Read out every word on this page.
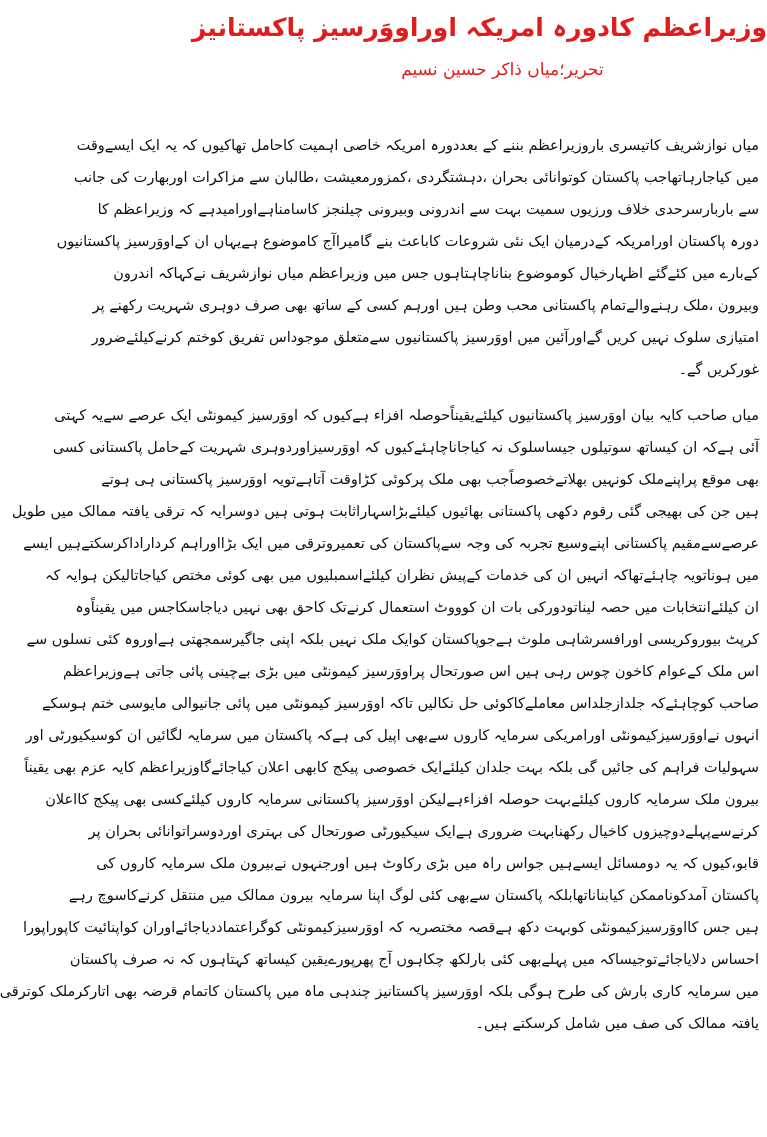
وزیراعظم کادورہ امریکہ اوراووَرسیز پاکستانیز
تحریر؛میاں ذاکر حسین نسیم
میاں نوازشریف کاتیسری باروزیراعظم بننے کے بعددورہ امریکہ خاصی اہمیت کاحامل تھاکیوں کہ یہ ایک ایسےوقت
میں کیاجارہاتھاجب پاکستان کوتوانائی بحران ،دہشتگردی ،کمزورمعیشت ،طالبان سے مزاکرات اوربھارت کی جانب
سے باربارسرحدی خلاف ورزیوں سمیت بہت سے اندرونی وبیرونی چیلنجز کاسامناہےاورامیدہے کہ وزیراعظم کا
دورہ پاکستان اورامریکہ کےدرمیان ایک نئی شروعات کاباعث بنے گامیراآج کاموضوع ہےیہاں ان کےاووَرسیز پاکستانیوں
کےبارے میں کئےگئے اظہارخیال کوموضوع بناناچاہتاہوں جس میں وزیراعظم میاں نوازشریف نےکہاکہ اندرون
وبیرون ،ملک رہنےوالےتمام پاکستانی محب وطن ہیں اورہم کسی کے ساتھ بھی صرف دوہری شہریت رکھنے پر
امتیازی سلوک نہیں کریں گےاورآئین میں اووَرسیز پاکستانیوں سےمتعلق موجوداس تفریق کوختم کرنےکیلئےضرور
غورکریں گے۔
میاں صاحب کایہ بیان اووَرسیز پاکستانیوں کیلئےیقیناًحوصلہ افزاء ہےکیوں کہ اووَرسیز کیمونٹی ایک عرصے سےیہ کہتی
آئی ہےکہ ان کیساتھ سوتیلوں جیساسلوک نہ کیاجاناچاہئےکیوں کہ اووَرسیزاوردوہری شہریت کےحامل پاکستانی کسی
بھی موقع پراپنےملک کونہیں بھلاتےخصوصاًجب بھی ملک پرکوئی کڑاوقت آتاہےتویہ اووَرسیز پاکستانی ہی ہوتے
ہیں جن کی بھیجی گئی رقوم دکھی پاکستانی بھائیوں کیلئےبڑاسہاراثابت ہوتی ہیں دوسرایہ کہ ترقی یافتہ ممالک میں طویل
عرصےسےمقیم پاکستانی اپنےوسیع تجربہ کی وجہ سےپاکستان کی تعمیروترقی میں ایک بڑااوراہم کرداراداکرسکتےہیں ایسے
میں ہوناتویہ چاہئےتھاکہ انہیں ان کی خدمات کےپیش نظران کیلئےاسمبلیوں میں بھی کوئی مختص کیاجاتالیکن ہوایہ کہ
ان کیلئےانتخابات میں حصہ لیناتودورکی بات ان کوووٹ استعمال کرنےتک کاحق بھی نہیں دیاجاسکاجس میں یقیناًوہ
کرپٹ بیوروکریسی اورافسرشاہی ملوث ہےجوپاکستان کوایک ملک نہیں بلکہ اپنی جاگیرسمجھتی ہےاوروہ کئی نسلوں سے
اس ملک کےعوام کاخون چوس رہی ہیں اس صورتحال پراووَرسیز کیمونٹی میں بڑی بےچینی پائی جاتی ہےوزیراعظم
صاحب کوچاہئےکہ جلدازجلداس معاملےکاکوئی حل نکالیں تاکہ اووَرسیز کیمونٹی میں پائی جانیوالی مایوسی ختم ہوسکے
انہوں نےاووَرسیزکیمونٹی اورامریکی سرمایہ کاروں سےبھی اپیل کی ہےکہ پاکستان میں سرمایہ لگائیں ان کوسیکیورٹی اور
سہولیات فراہم کی جائیں گی بلکہ بہت جلدان کیلئےایک خصوصی پیکج کابھی اعلان کیاجائےگاوزیراعظم کایہ عزم بھی یقیناً
بیرون ملک سرمایہ کاروں کیلئےبہت حوصلہ افزاءہےلیکن اووَرسیز پاکستانی سرمایہ کاروں کیلئےکسی بھی پیکج کااعلان
کرنےسےپہلےدوچیزوں کاخیال رکھنابہت ضروری ہےایک سیکیورٹی صورتحال کی بہتری اوردوسراتوانائی بحران پر
قابو،کیوں کہ یہ دومسائل ایسےہیں جواس راہ میں بڑی رکاوٹ ہیں اورجنہوں نےبیرون ملک سرمایہ کاروں کی
پاکستان آمدکوناممکن کیابناناتھابلکہ پاکستان سےبھی کئی لوگ اپنا سرمایہ بیرون ممالک میں منتقل کرنےکاسوچ رہے
ہیں جس کااووَرسیزکیمونٹی کوبہت دکھ ہےقصہ مختصریہ کہ اووَرسیزکیمونٹی کوگراعتماددیاجائےاوران کواپنائیت کاپوراپورا
احساس دلایاجائےتوجیساکہ میں پہلےبھی کئی بارلکھ چکاہوں آج پھرپورےیقین کیساتھ کہتاہوں کہ نہ صرف پاکستان
میں سرمایہ کاری بارش کی طرح ہوگی بلکہ اووَرسیز پاکستانیز چندہی ماہ میں پاکستان کاتمام قرضہ بھی اتارکرملک کوترقی
یافتہ ممالک کی صف میں شامل کرسکتے ہیں۔
